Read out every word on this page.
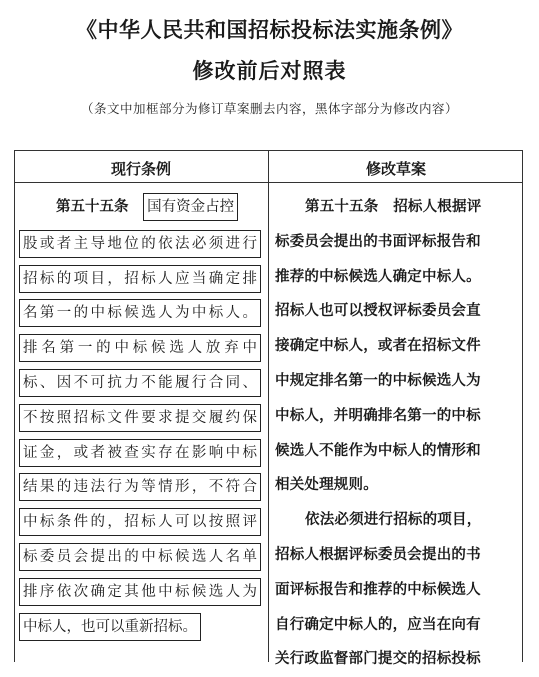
《中华人民共和国招标投标法实施条例》
修改前后对照表
（条文中加框部分为修订草案删去内容，黑体字部分为修改内容）
现行条例	修改草案
第五十五条 国有资金占控
股或者主导地位的依法必须进行
招标的项目，招标人应当确定排
名第一的中标候选人为中标人。
排名第一的中标候选人放弃中
标、因不可抗力不能履行合同、
不按照招标文件要求提交履约保
证金，或者被查实存在影响中标
结果的违法行为等情形，不符合
中标条件的，招标人可以按照评
标委员会提出的中标候选人名单
排序依次确定其他中标候选人为
中标人，也可以重新招标。
第五十五条　招标人根据评
标委员会提出的书面评标报告和
推荐的中标候选人确定中标人。
招标人也可以授权评标委员会直
接确定中标人，或者在招标文件
中规定排名第一的中标候选人为
中标人，并明确排名第一的中标
候选人不能作为中标人的情形和
相关处理规则。
依法必须进行招标的项目，
招标人根据评标委员会提出的书
面评标报告和推荐的中标候选人
自行确定中标人的，应当在向有
关行政监督部门提交的招标投标
